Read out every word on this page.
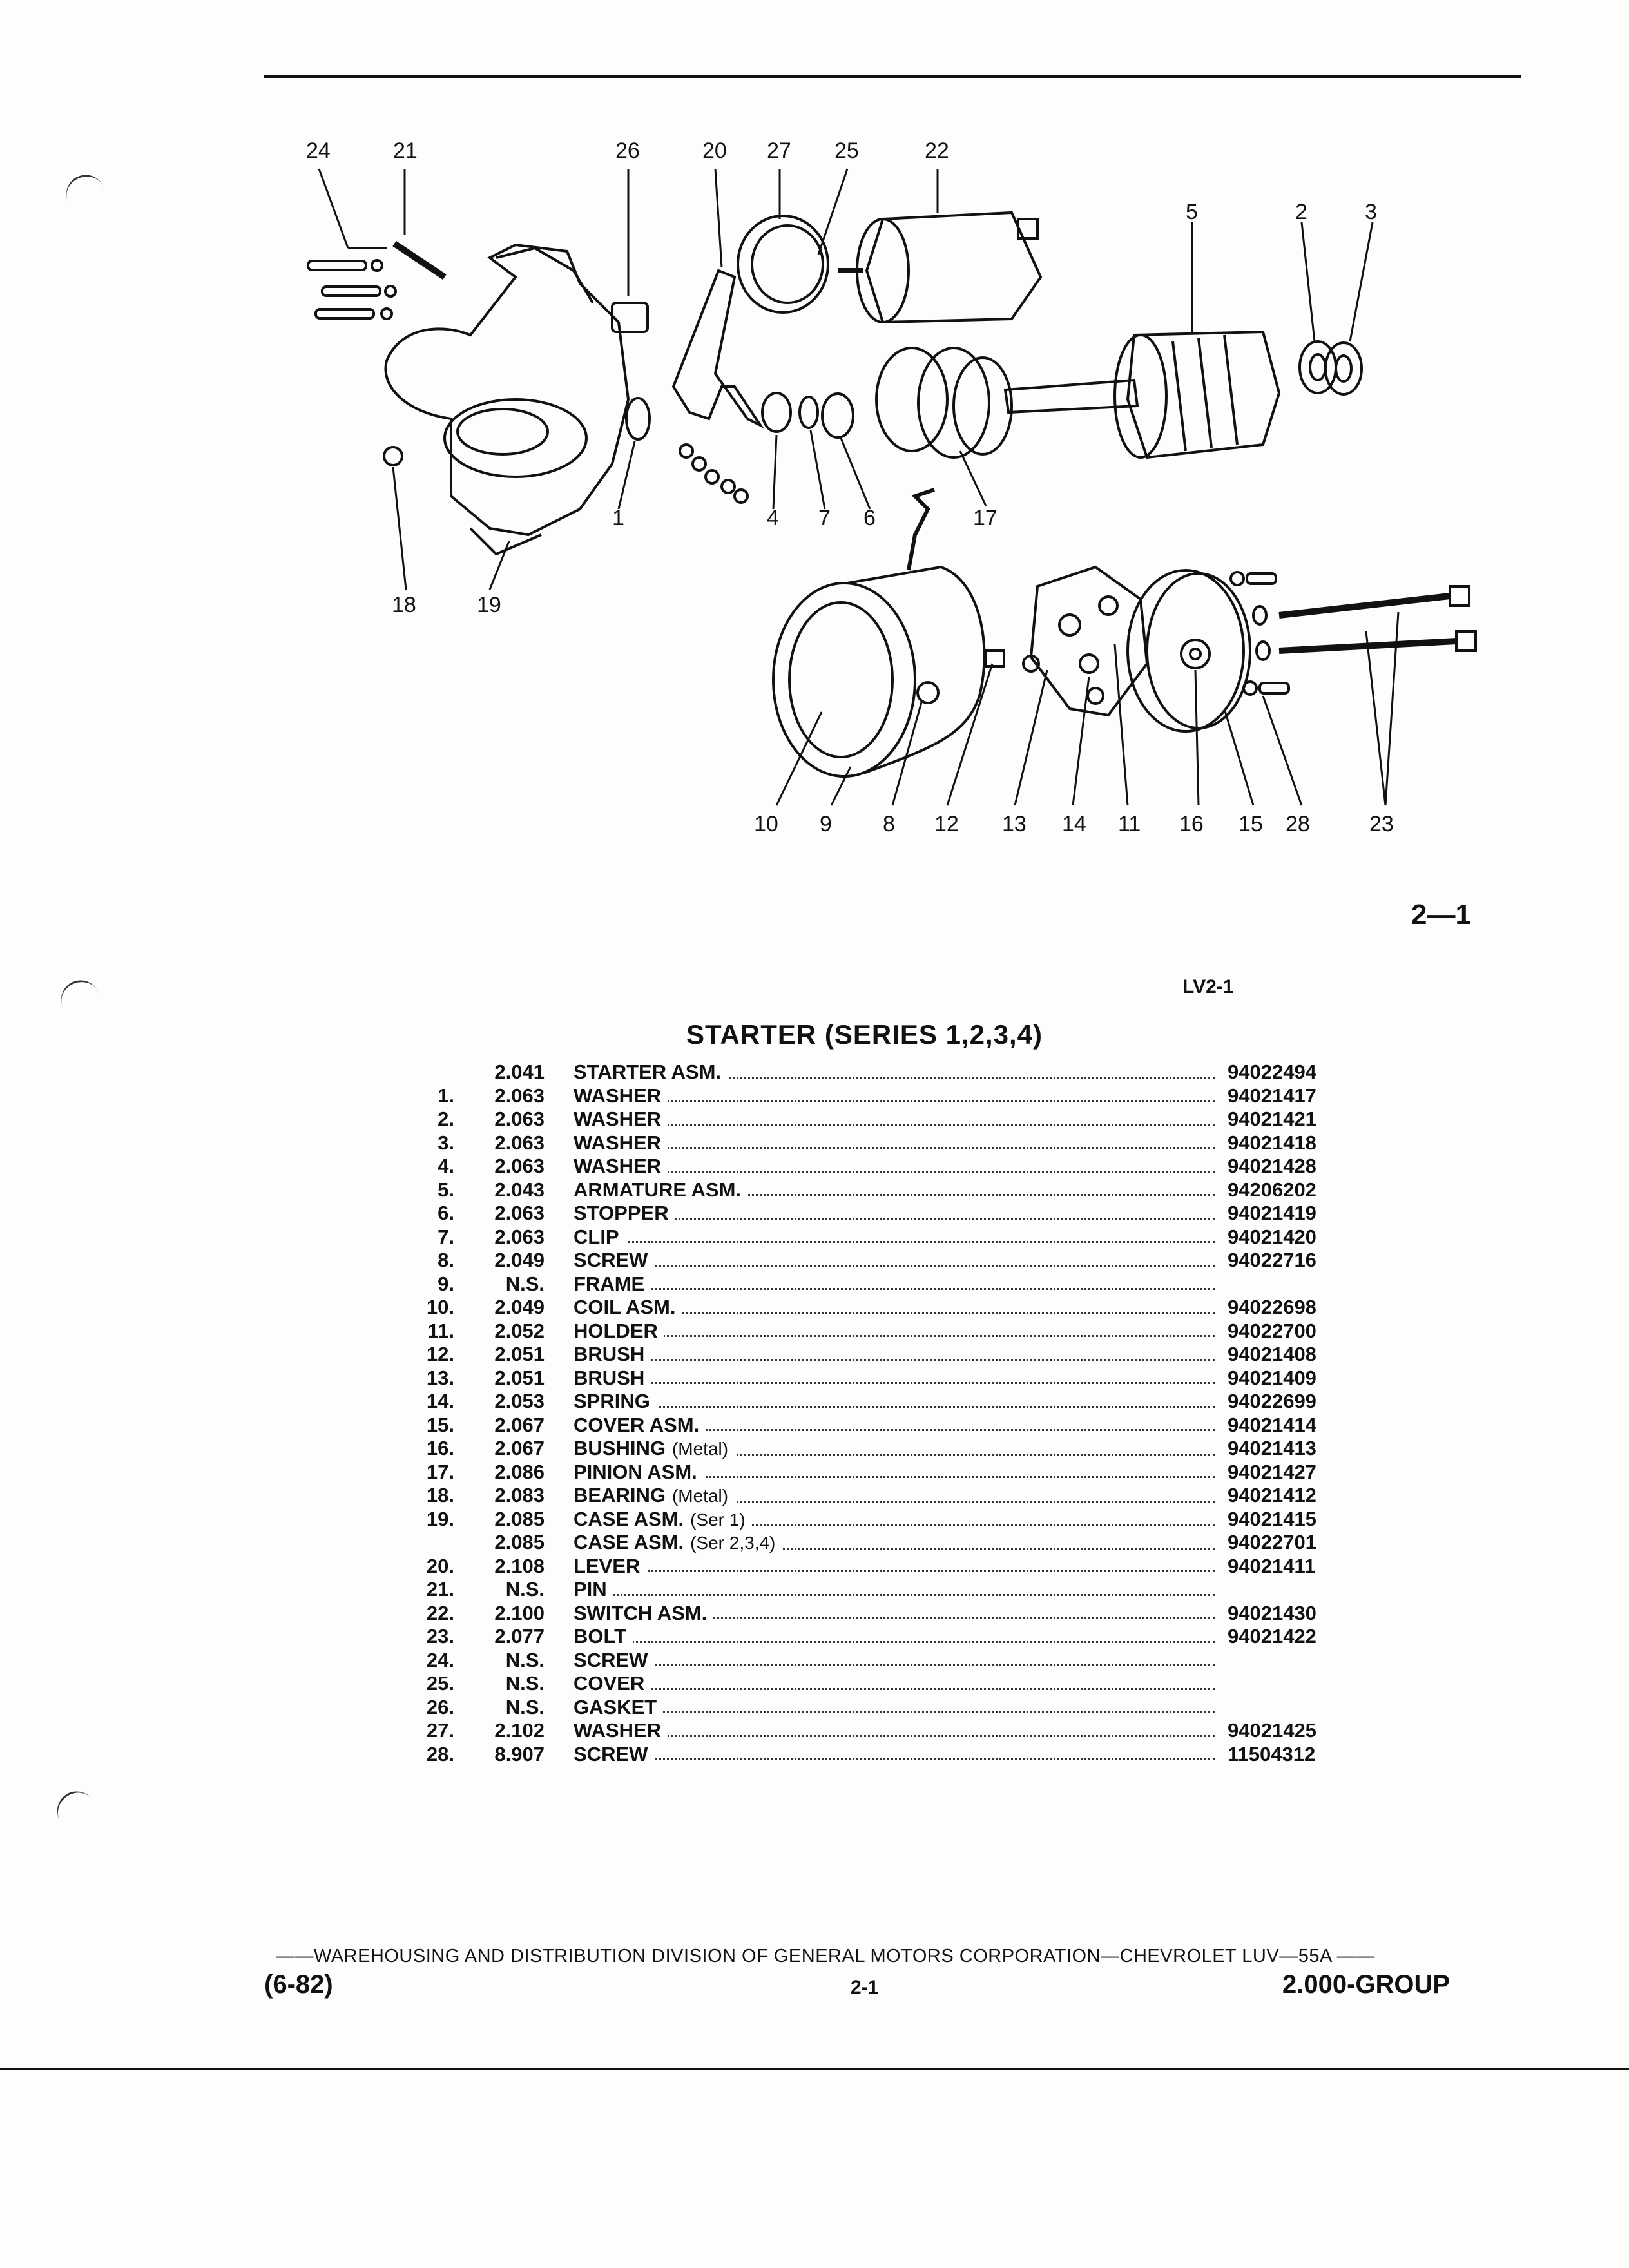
24	21	26	20 27 25	22
5	2	3
1	4 7 6	17
18	19
10 9 8 12 13 14 11 16 15 28	23
2—1
LV2-1
STARTER (SERIES 1,2,3,4)
2.041 STARTER ASM.	94022494
1.	2.063 WASHER	94021417
2.	2.063 WASHER	94021421
3.	2.063 WASHER	94021418
4.	2.063 WASHER	94021428
5.	2.043 ARMATURE ASM.	94206202
6.	2.063 STOPPER	94021419
7.	2.063 CLIP	94021420
8.	2.049 SCREW	94022716
9.	N.S. FRAME
10.	2.049 COIL ASM.	94022698
11.	2.052 HOLDER	94022700
12.	2.051 BRUSH	94021408
13.	2.051 BRUSH	94021409
14.	2.053 SPRING	94022699
15.	2.067 COVER ASM.	94021414
16.	2.067 BUSHING (Metal)	94021413
17.	2.086 PINION ASM.	94021427
18.	2.083 BEARING (Metal)	94021412
19.	2.085 CASE ASM. (Ser 1)	94021415
2.085 CASE ASM. (Ser 2,3,4)	94022701
20.	2.108 LEVER	94021411
21.	N.S. PIN
22.	2.100 SWITCH ASM.	94021430
23.	2.077 BOLT	94021422
24.	N.S. SCREW
25.	N.S. COVER
26.	N.S. GASKET
27.	2.102 WASHER	94021425
28.	8.907 SCREW	11504312
——WAREHOUSING AND DISTRIBUTION DIVISION OF GENERAL MOTORS CORPORATION—CHEVROLET LUV—55A ——
(6-82)	2-1	2.000-GROUP
